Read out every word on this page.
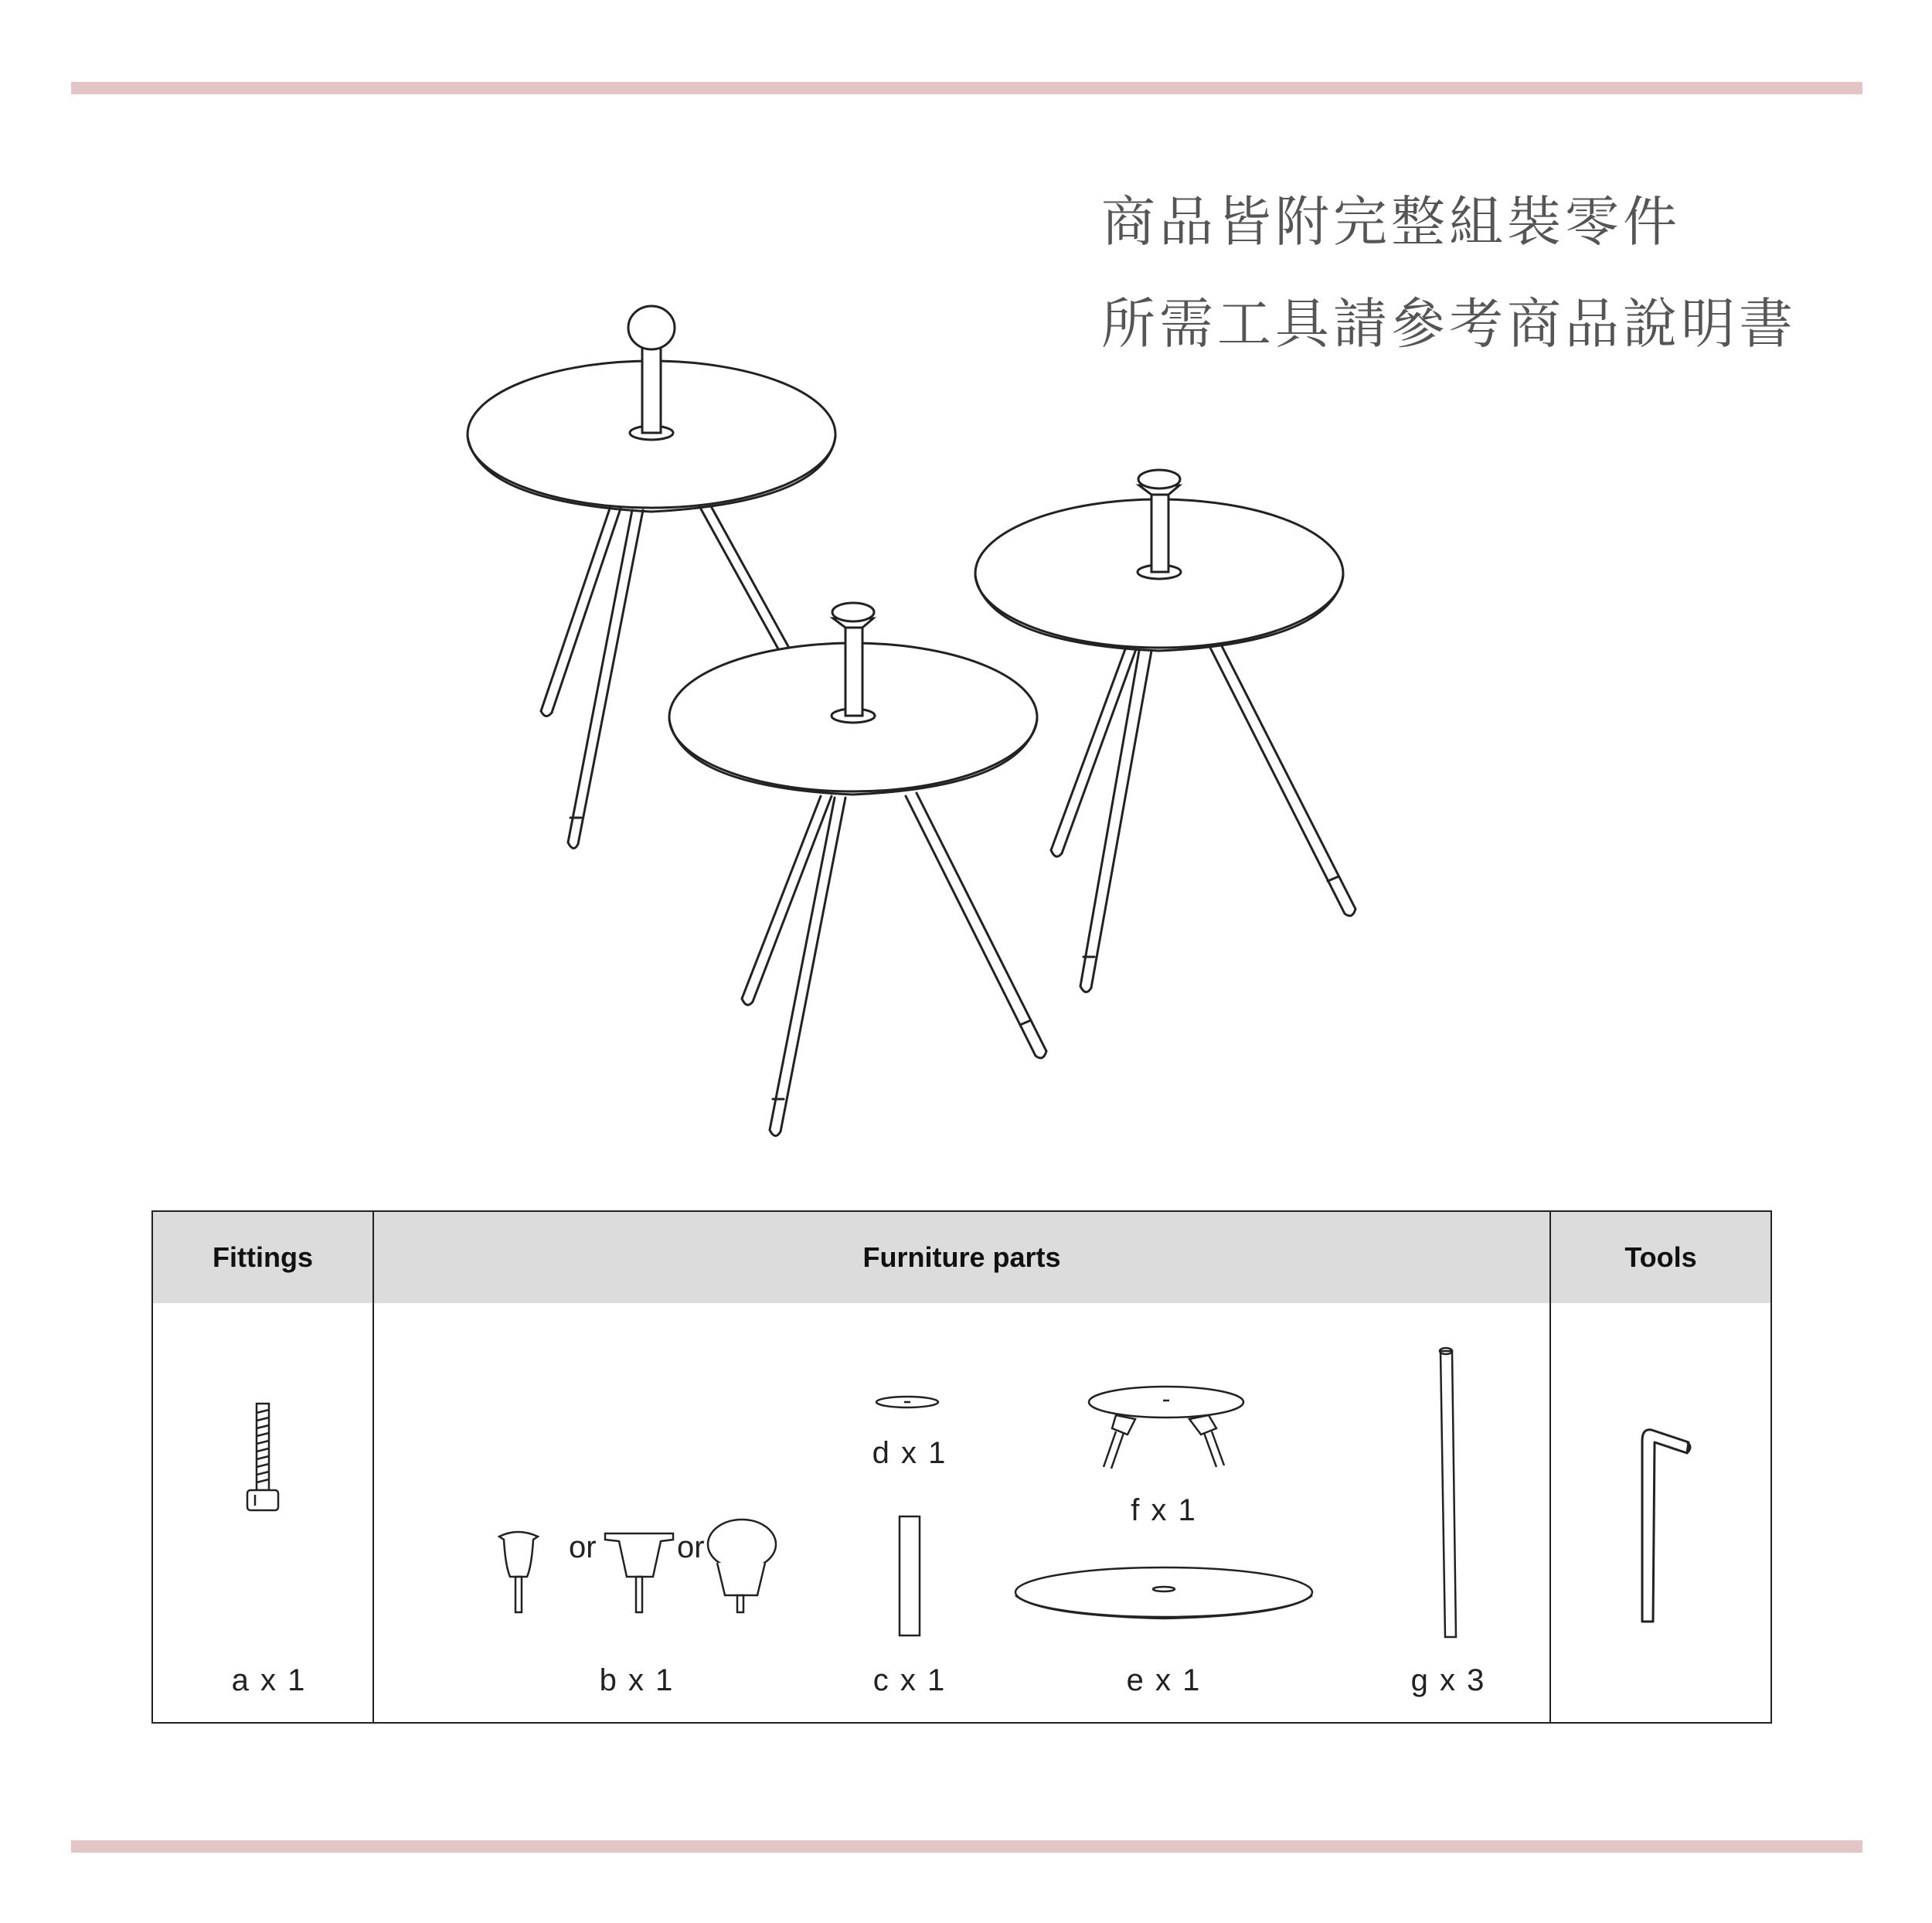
商品皆附完整組裝零件
所需工具請參考商品說明書
Fittings
a x 1
Furniture parts
or	or
b x 1	c x 1
d x 1
e x 1
f x 1
g x 3
Tools
